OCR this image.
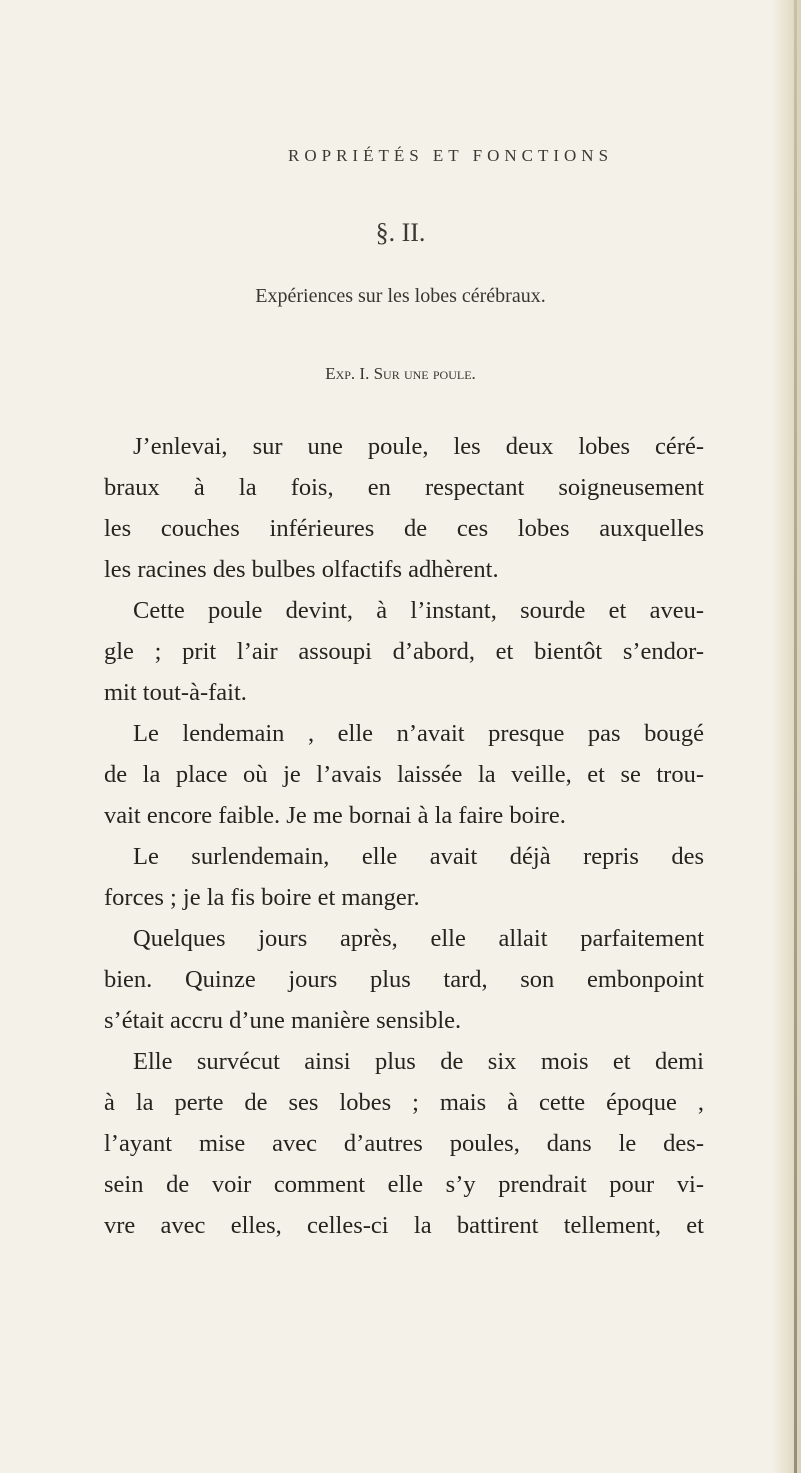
ROPRIÉTÉS ET FONCTIONS
§. II.
Expériences sur les lobes cérébraux.
Exp. I. Sur une poule.
J’enlevai, sur une poule, les deux lobes céré-
braux à la fois, en respectant soigneusement
les couches inférieures de ces lobes auxquelles
les racines des bulbes olfactifs adhèrent.
Cette poule devint, à l’instant, sourde et aveu-
gle ; prit l’air assoupi d’abord, et bientôt s’endor-
mit tout-à-fait.
Le lendemain , elle n’avait presque pas bougé
de la place où je l’avais laissée la veille, et se trou-
vait encore faible. Je me bornai à la faire boire.
Le surlendemain, elle avait déjà repris des
forces ; je la fis boire et manger.
Quelques jours après, elle allait parfaitement
bien. Quinze jours plus tard, son embonpoint
s’était accru d’une manière sensible.
Elle survécut ainsi plus de six mois et demi
à la perte de ses lobes ; mais à cette époque ,
l’ayant mise avec d’autres poules, dans le des-
sein de voir comment elle s’y prendrait pour vi-
vre avec elles, celles-ci la battirent tellement, et
